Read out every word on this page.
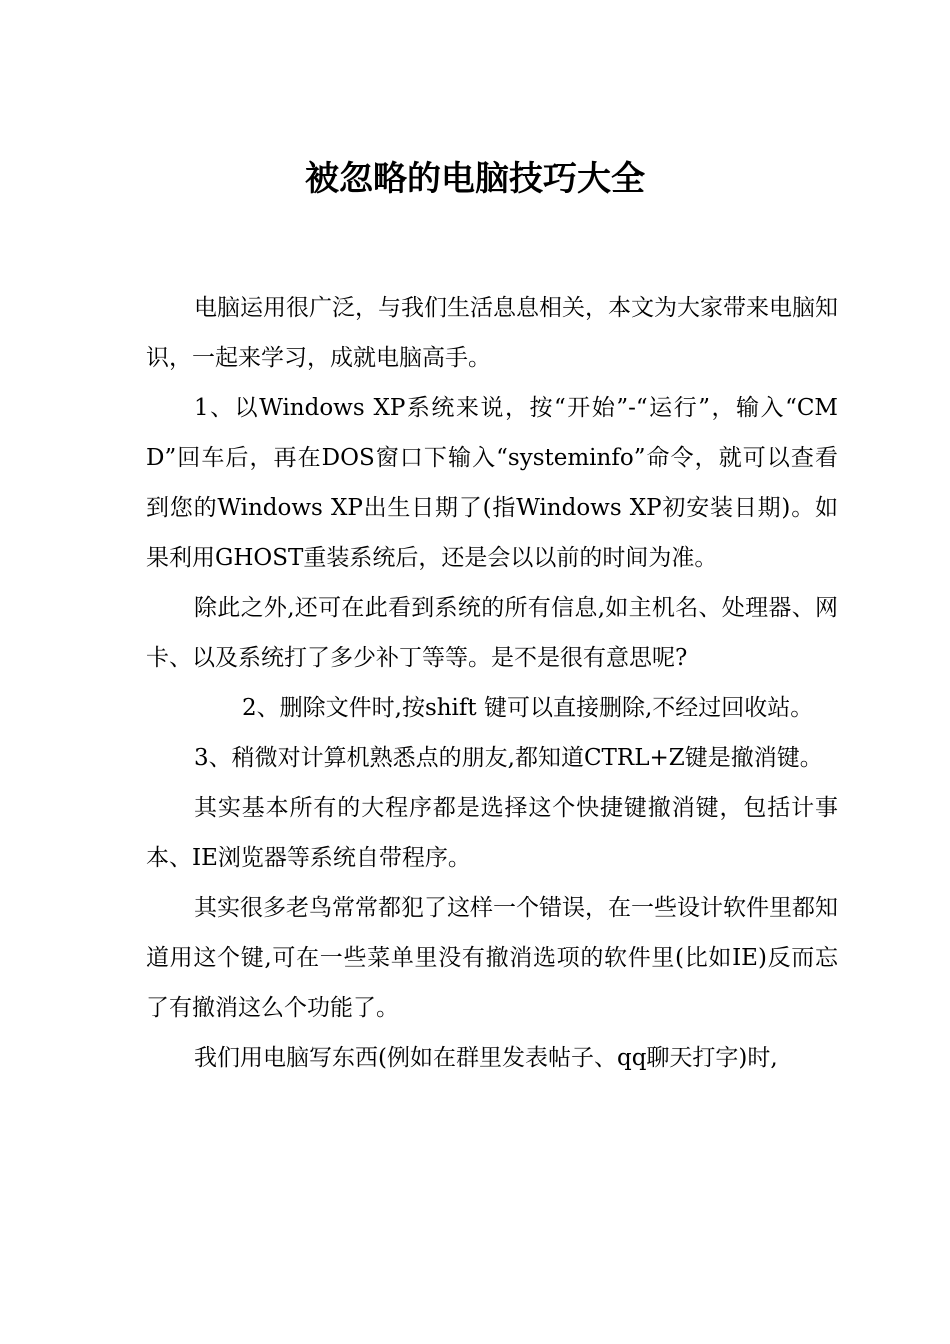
被忽略的电脑技巧大全

电脑运用很广泛，与我们生活息息相关，本文为大家带来电脑知识，一起来学习，成就电脑高手。

1、以Windows XP系统来说，按“开始”-“运行”，输入“CMD”回车后，再在DOS窗口下输入“systeminfo”命令，就可以查看到您的Windows XP出生日期了(指Windows XP初安装日期)。如果利用GHOST重装系统后，还是会以以前的时间为准。

除此之外,还可在此看到系统的所有信息,如主机名、处理器、网卡、以及系统打了多少补丁等等。是不是很有意思呢?

2、删除文件时,按shift 键可以直接删除,不经过回收站。

3、稍微对计算机熟悉点的朋友,都知道CTRL+Z键是撤消键。

其实基本所有的大程序都是选择这个快捷键撤消键，包括计事本、IE浏览器等系统自带程序。

其实很多老鸟常常都犯了这样一个错误，在一些设计软件里都知道用这个键,可在一些菜单里没有撤消选项的软件里(比如IE)反而忘了有撤消这么个功能了。

我们用电脑写东西(例如在群里发表帖子、qq聊天打字)时,
